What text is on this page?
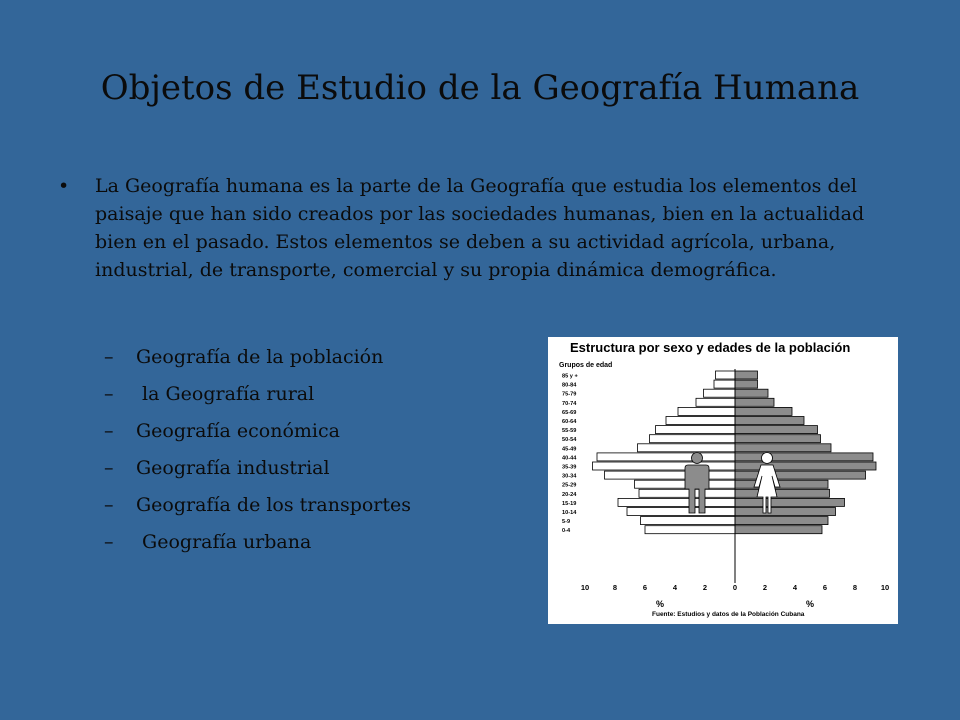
Objetos de Estudio de la Geografía Humana
•	La Geografía humana es la parte de la Geografía que estudia los elementos del paisaje que han sido creados por las sociedades humanas, bien en la actualidad bien en el pasado. Estos elementos se deben a su actividad agrícola, urbana, industrial, de transporte, comercial y su propia dinámica demográfica.
–	Geografía de la población
–	la Geografía rural
–	Geografía económica
–	Geografía industrial
–	Geografía de los transportes
–	Geografía urbana
Estructura por sexo y edades de la población
Grupos de edad
85 y +
80-84
75-79
70-74
65-69
60-64
55-59
50-54
45-49
40-44
35-39
30-34
25-29
20-24
15-19
10-14
5-9
0-4
10	8	6	4	2	0	2	4	6	8	10
%	%
Fuente: Estudios y datos de la Población Cubana
